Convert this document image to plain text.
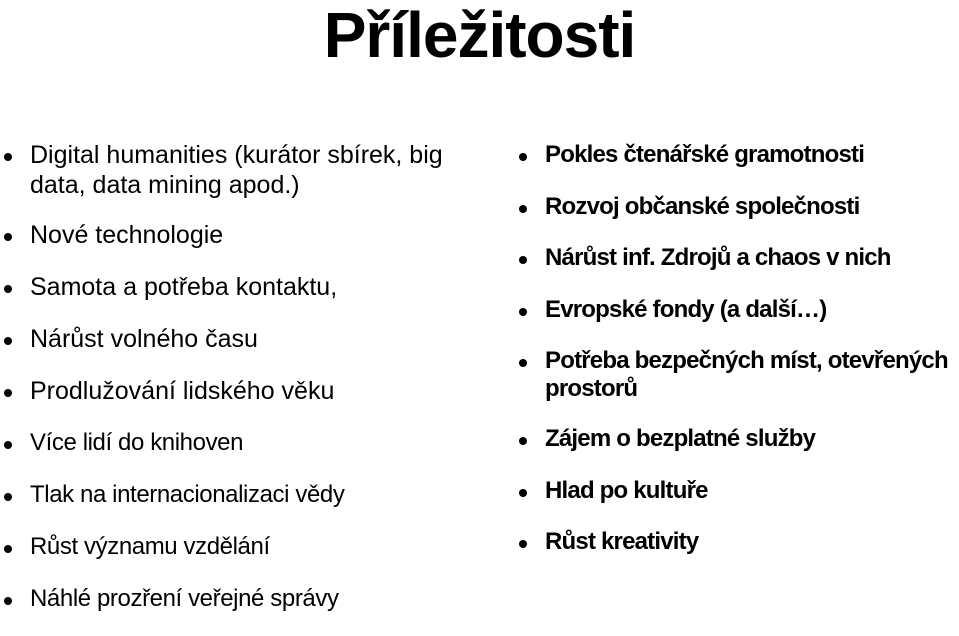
Příležitosti
Digital humanities (kurátor sbírek, big data, data mining apod.)
Nové technologie
Samota a potřeba kontaktu,
Nárůst volného času
Prodlužování lidského věku
Více lidí do knihoven
Tlak na internacionalizaci vědy
Růst významu vzdělání
Náhlé prozření veřejné správy
Pokles čtenářské gramotnosti
Rozvoj občanské společnosti
Nárůst inf. Zdrojů a chaos v nich
Evropské fondy (a další…)
Potřeba bezpečných míst, otevřených prostorů
Zájem o bezplatné služby
Hlad po kultuře
Růst kreativity
